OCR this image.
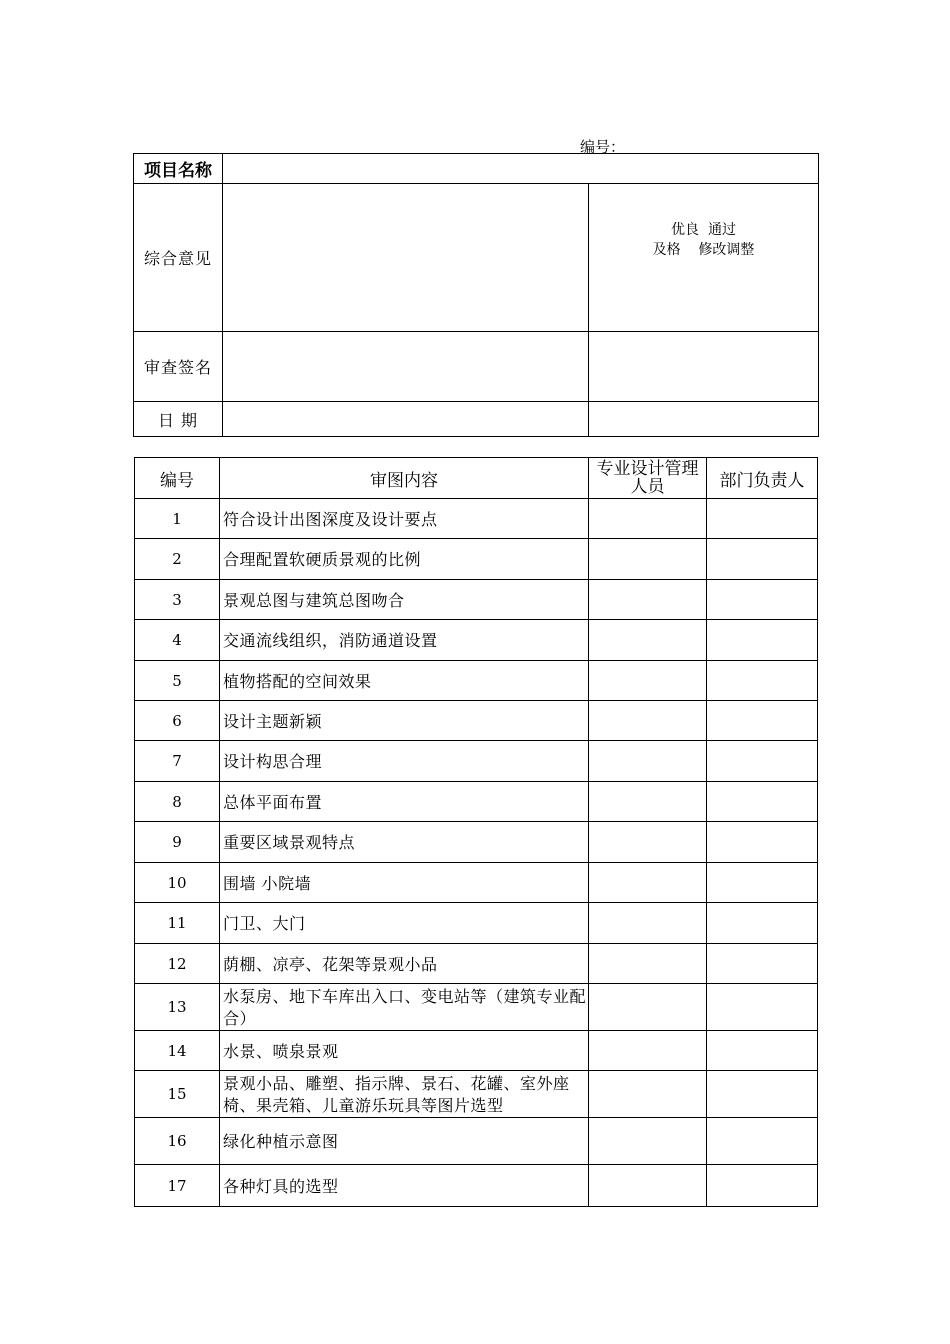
编号：
项目名称		
综合意见		优良  通过
及格    修改调整

审查签名		
日 期		
编号	审图内容	专业设计管理人员	部门负责人
1	符合设计出图深度及设计要点		
2	合理配置软硬质景观的比例		
3	景观总图与建筑总图吻合		
4	交通流线组织，消防通道设置		
5	植物搭配的空间效果		
6	设计主题新颖		
7	设计构思合理		
8	总体平面布置		
9	重要区域景观特点		
10	围墙 小院墙		
11	门卫、大门		
12	荫棚、凉亭、花架等景观小品		
13	水泵房、地下车库出入口、变电站等（建筑专业配合）		
14	水景、喷泉景观		
15	景观小品、雕塑、指示牌、景石、花罐、室外座椅、果壳箱、儿童游乐玩具等图片选型		
16	绿化种植示意图		
17	各种灯具的选型		
